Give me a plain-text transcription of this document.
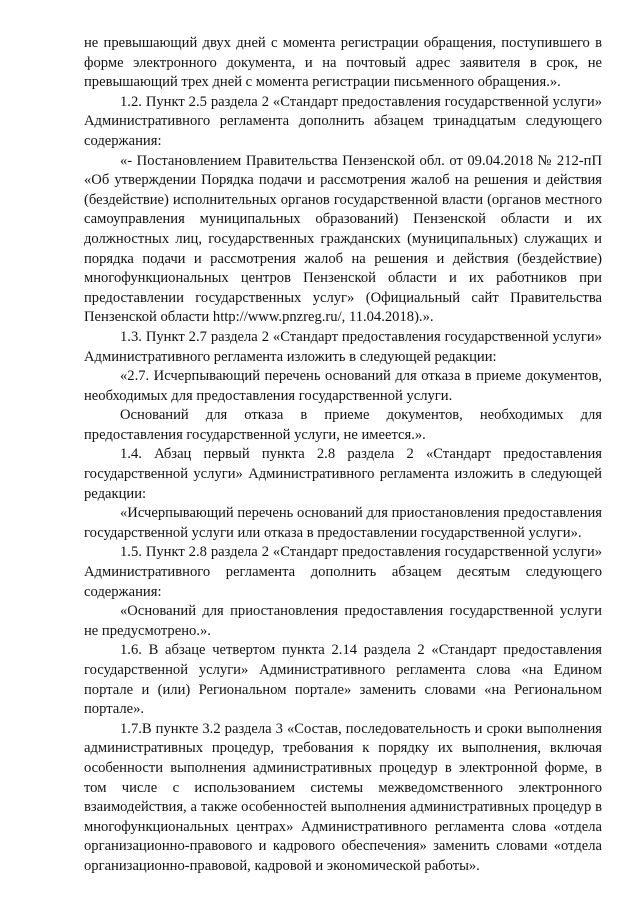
не превышающий двух дней с момента регистрации обращения, поступившего в форме электронного документа, и на почтовый адрес заявителя в срок, не превышающий трех дней с момента регистрации письменного обращения.».

1.2. Пункт 2.5 раздела 2 «Стандарт предоставления государственной услуги» Административного регламента дополнить абзацем тринадцатым следующего содержания:

«- Постановлением Правительства Пензенской обл. от 09.04.2018 № 212-пП «Об утверждении Порядка подачи и рассмотрения жалоб на решения и действия (бездействие) исполнительных органов государственной власти (органов местного самоуправления муниципальных образований) Пензенской области и их должностных лиц, государственных гражданских (муниципальных) служащих и порядка подачи и рассмотрения жалоб на решения и действия (бездействие) многофункциональных центров Пензенской области и их работников при предоставлении государственных услуг» (Официальный сайт Правительства Пензенской области http://www.pnzreg.ru/, 11.04.2018).».

1.3. Пункт 2.7 раздела 2 «Стандарт предоставления государственной услуги» Административного регламента изложить в следующей редакции:

«2.7. Исчерпывающий перечень оснований для отказа в приеме документов, необходимых для предоставления государственной услуги.

Оснований для отказа в приеме документов, необходимых для предоставления государственной услуги, не имеется.».

1.4. Абзац первый пункта 2.8 раздела 2 «Стандарт предоставления государственной услуги» Административного регламента изложить в следующей редакции:

«Исчерпывающий перечень оснований для приостановления предоставления государственной услуги или отказа в предоставлении государственной услуги».

1.5. Пункт 2.8 раздела 2 «Стандарт предоставления государственной услуги» Административного регламента дополнить абзацем десятым следующего содержания:

«Оснований для приостановления предоставления государственной услуги не предусмотрено.».

1.6. В абзаце четвертом пункта 2.14 раздела 2 «Стандарт предоставления государственной услуги» Административного регламента слова «на Едином портале и (или) Региональном портале» заменить словами «на Региональном портале».

1.7.В пункте 3.2 раздела 3 «Состав, последовательность и сроки выполнения административных процедур, требования к порядку их выполнения, включая особенности выполнения административных процедур в электронной форме, в том числе с использованием системы межведомственного электронного взаимодействия, а также особенностей выполнения административных процедур в многофункциональных центрах» Административного регламента слова «отдела организационно-правового и кадрового обеспечения» заменить словами «отдела организационно-правовой, кадровой и экономической работы».
